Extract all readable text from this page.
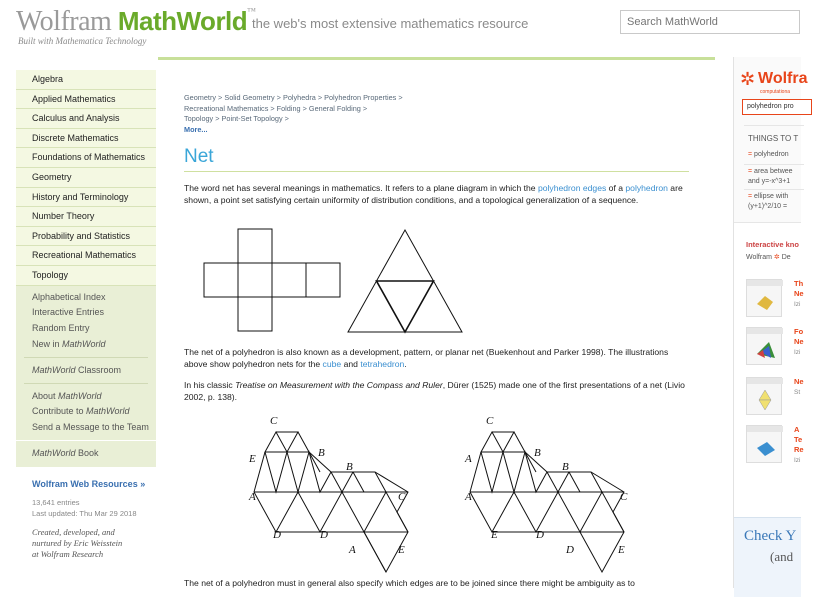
Wolfram MathWorld™
Built with Mathematica Technology
the web's most extensive mathematics resource
Search MathWorld
Algebra
Applied Mathematics
Calculus and Analysis
Discrete Mathematics
Foundations of Mathematics
Geometry
History and Terminology
Number Theory
Probability and Statistics
Recreational Mathematics
Topology
Alphabetical Index
Interactive Entries
Random Entry
New in MathWorld
MathWorld Classroom
About MathWorld
Contribute to MathWorld
Send a Message to the Team
MathWorld Book
Wolfram Web Resources »
13,641 entries
Last updated: Thu Mar 29 2018
Created, developed, and
nurtured by Eric Weisstein
at Wolfram Research
Geometry > Solid Geometry > Polyhedra > Polyhedron Properties >
Recreational Mathematics > Folding > General Folding >
Topology > Point-Set Topology >
More...
Net
The word net has several meanings in mathematics. It refers to a plane diagram in which the polyhedron edges of a polyhedron are shown, a point set satisfying certain uniformity of distribution conditions, and a topological generalization of a sequence.
The net of a polyhedron is also known as a development, pattern, or planar net (Buekenhout and Parker 1998). The illustrations above show polyhedron nets for the cube and tetrahedron.
In his classic Treatise on Measurement with the Compass and Ruler, Dürer (1525) made one of the first presentations of a net (Livio 2002, p. 138).
C
B
E
B
A	C
D	D
A	E
C
B
A
B
A	C
E	D
D	E
The net of a polyhedron must in general also specify which edges are to be joined since there might be ambiguity as to
✲ Wolfra
computationa
polyhedron pro
THINGS TO T
= polyhedron
= area betwee
and y=-x^3+1
= ellipse with
(y+1)^2/10 =
Interactive kno
Wolfram ✲ De
Th
Ne
Izi
Fo
Ne
Izi
Ne
St
A
Te
Re
Izi
Check Y
(and
